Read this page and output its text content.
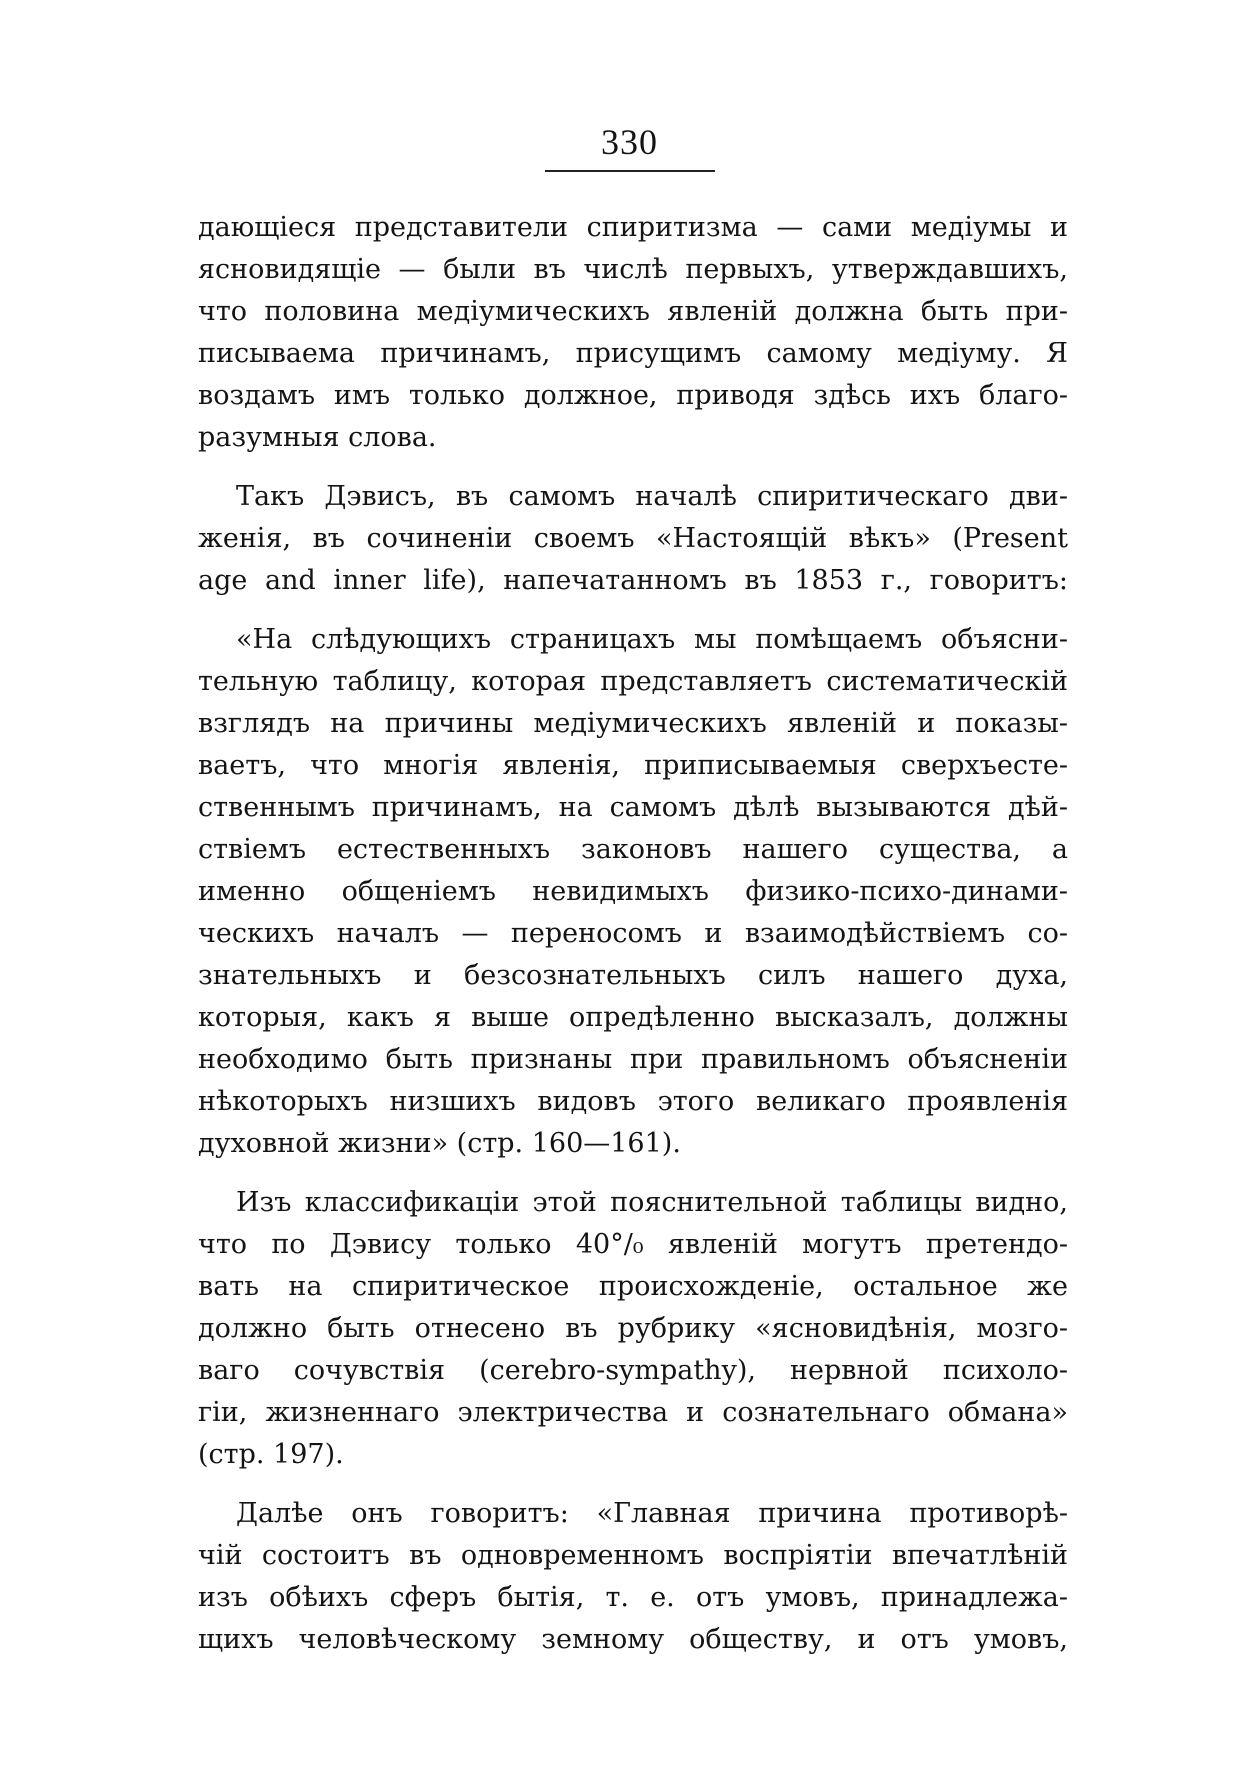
330
дающіеся представители спиритизма — сами медіумы и
ясновидящіе — были въ числѣ первыхъ, утверждавшихъ,
что половина медіумическихъ явленій должна быть при-
писываема причинамъ, присущимъ самому медіуму. Я
воздамъ имъ только должное, приводя здѣсь ихъ благо-
разумныя слова.
Такъ Дэвисъ, въ самомъ началѣ спиритическаго дви-
женія, въ сочиненіи своемъ «Настоящій вѣкъ» (Present
age and inner life), напечатанномъ въ 1853 г., говоритъ:
«На слѣдующихъ страницахъ мы помѣщаемъ объясни-
тельную таблицу, которая представляетъ систематическій
взглядъ на причины медіумическихъ явленій и показы-
ваетъ, что многія явленія, приписываемыя сверхъесте-
ственнымъ причинамъ, на самомъ дѣлѣ вызываются дѣй-
ствіемъ естественныхъ законовъ нашего существа, а
именно общеніемъ невидимыхъ физико-психо-динами-
ческихъ началъ — переносомъ и взаимодѣйствіемъ со-
знательныхъ и безсознательныхъ силъ нашего духа,
которыя, какъ я выше опредѣленно высказалъ, должны
необходимо быть признаны при правильномъ объясненіи
нѣкоторыхъ низшихъ видовъ этого великаго проявленія
духовной жизни» (стр. 160—161).
Изъ классификаціи этой пояснительной таблицы видно,
что по Дэвису только 40°/₀ явленій могутъ претендо-
вать на спиритическое происхожденіе, остальное же
должно быть отнесено въ рубрику «ясновидѣнія, мозго-
ваго сочувствія (cerebro-sympathy), нервной психоло-
гіи, жизненнаго электричества и сознательнаго обмана»
(стр. 197).
Далѣе онъ говоритъ: «Главная причина противорѣ-
чій состоитъ въ одновременномъ воспріятіи впечатлѣній
изъ обѣихъ сферъ бытія, т. е. отъ умовъ, принадлежа-
щихъ человѣческому земному обществу, и отъ умовъ,
